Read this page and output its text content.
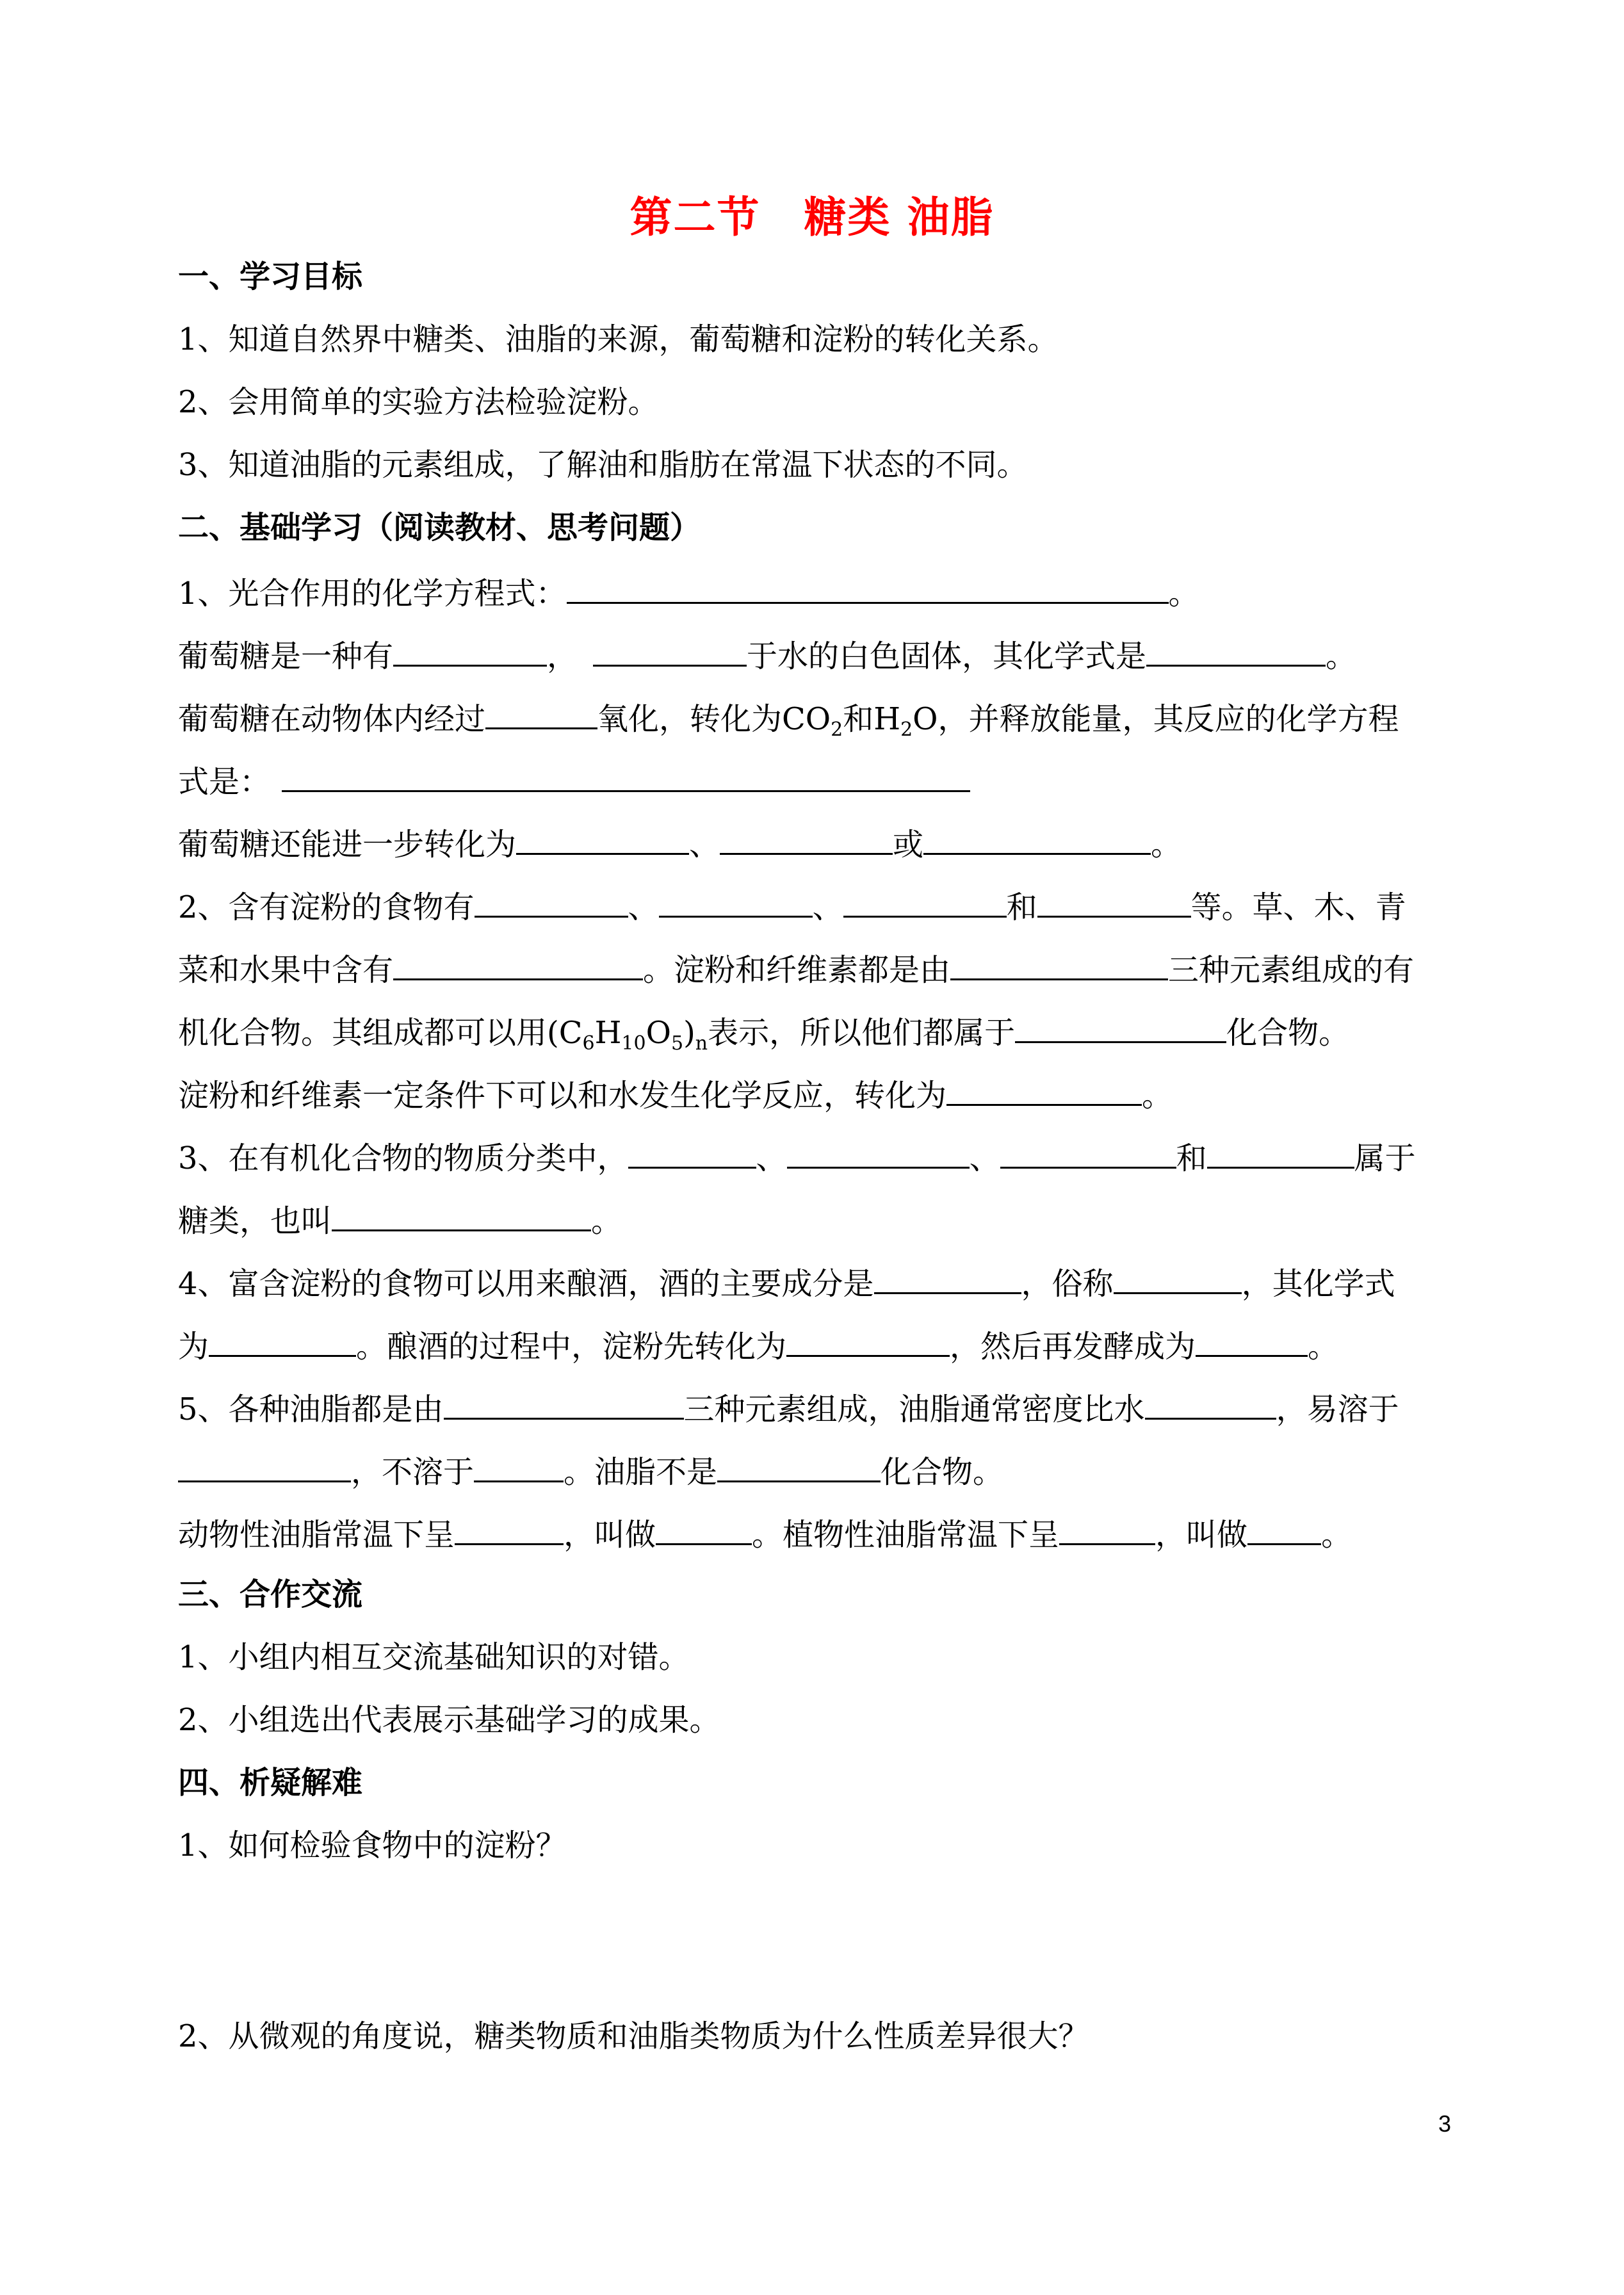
第二节　糖类 油脂
一、学习目标
1、知道自然界中糖类、油脂的来源，葡萄糖和淀粉的转化关系。
2、会用简单的实验方法检验淀粉。
3、知道油脂的元素组成，了解油和脂肪在常温下状态的不同。
二、基础学习（阅读教材、思考问题）
1、光合作用的化学方程式：	。
葡萄糖是一种有	，	于水的白色固体，其化学式是	。
葡萄糖在动物体内经过	氧化，转化为$CO_2$和$H_2O$，并释放能量，其反应的化学方程
式是：
葡萄糖还能进一步转化为	、	或	。
2、含有淀粉的食物有	、	、	和	等。草、木、青
菜和水果中含有	。淀粉和纤维素都是由	三种元素组成的有
机化合物。其组成都可以用$(C_6H_{10}O_5)_n$表示，所以他们都属于	化合物。
淀粉和纤维素一定条件下可以和水发生化学反应，转化为	。
3、在有机化合物的物质分类中，	、	、	和	属于
糖类，也叫	。
4、富含淀粉的食物可以用来酿酒，酒的主要成分是	，俗称	，其化学式
为	。酿酒的过程中，淀粉先转化为	，然后再发酵成为	。
5、各种油脂都是由	三种元素组成，油脂通常密度比水	，易溶于
，不溶于	。油脂不是	化合物。
动物性油脂常温下呈	，叫做	。植物性油脂常温下呈	，叫做 。
三、合作交流
1、小组内相互交流基础知识的对错。
2、小组选出代表展示基础学习的成果。
四、析疑解难
1、如何检验食物中的淀粉？
2、从微观的角度说，糖类物质和油脂类物质为什么性质差异很大？
3
